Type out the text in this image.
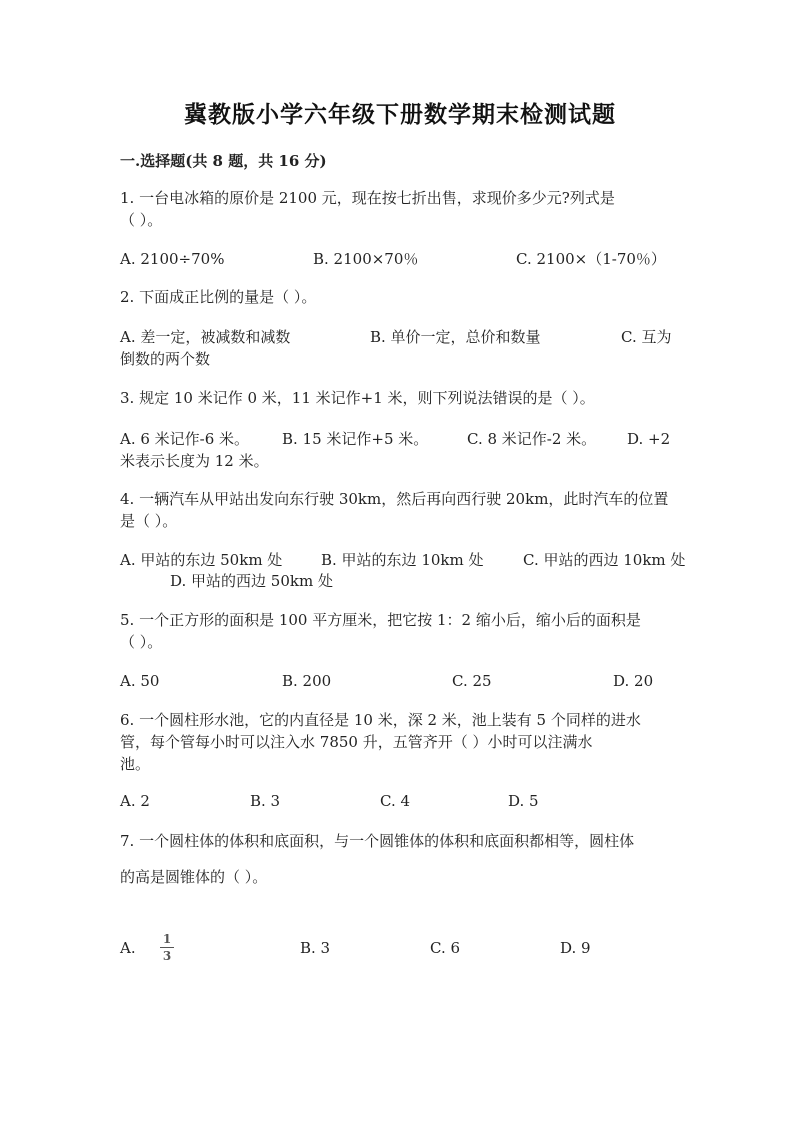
冀教版小学六年级下册数学期末检测试题
一.选择题(共 8 题，共 16 分)
1. 一台电冰箱的原价是 2100 元，现在按七折出售，求现价多少元?列式是
（ ）。
A. 2100÷70%	B. 2100×70％	C. 2100×（1-70％）
2. 下面成正比例的量是（ ）。
A. 差一定，被减数和减数	B. 单价一定，总价和数量	C. 互为
倒数的两个数
3. 规定 10 米记作 0 米，11 米记作+1 米，则下列说法错误的是（ ）。
A. 6 米记作-6 米。 B. 15 米记作+5 米。	C. 8 米记作-2 米。 D. +2
米表示长度为 12 米。
4. 一辆汽车从甲站出发向东行驶 30km，然后再向西行驶 20km，此时汽车的位置
是（ ）。
A. 甲站的东边 50km 处	B. 甲站的东边 10km 处	C. 甲站的西边 10km 处
D. 甲站的西边 50km 处
5. 一个正方形的面积是 100 平方厘米，把它按 1：2 缩小后，缩小后的面积是
（ ）。
A. 50	B. 200	C. 25	D. 20
6. 一个圆柱形水池，它的内直径是 10 米，深 2 米，池上装有 5 个同样的进水
管，每个管每小时可以注入水 7850 升，五管齐开（ ）小时可以注满水
池。
A. 2	B. 3	C. 4	D. 5
7. 一个圆柱体的体积和底面积，与一个圆锥体的体积和底面积都相等，圆柱体
的高是圆锥体的（ ）。
A. 1
3	B. 3	C. 6	D. 9
